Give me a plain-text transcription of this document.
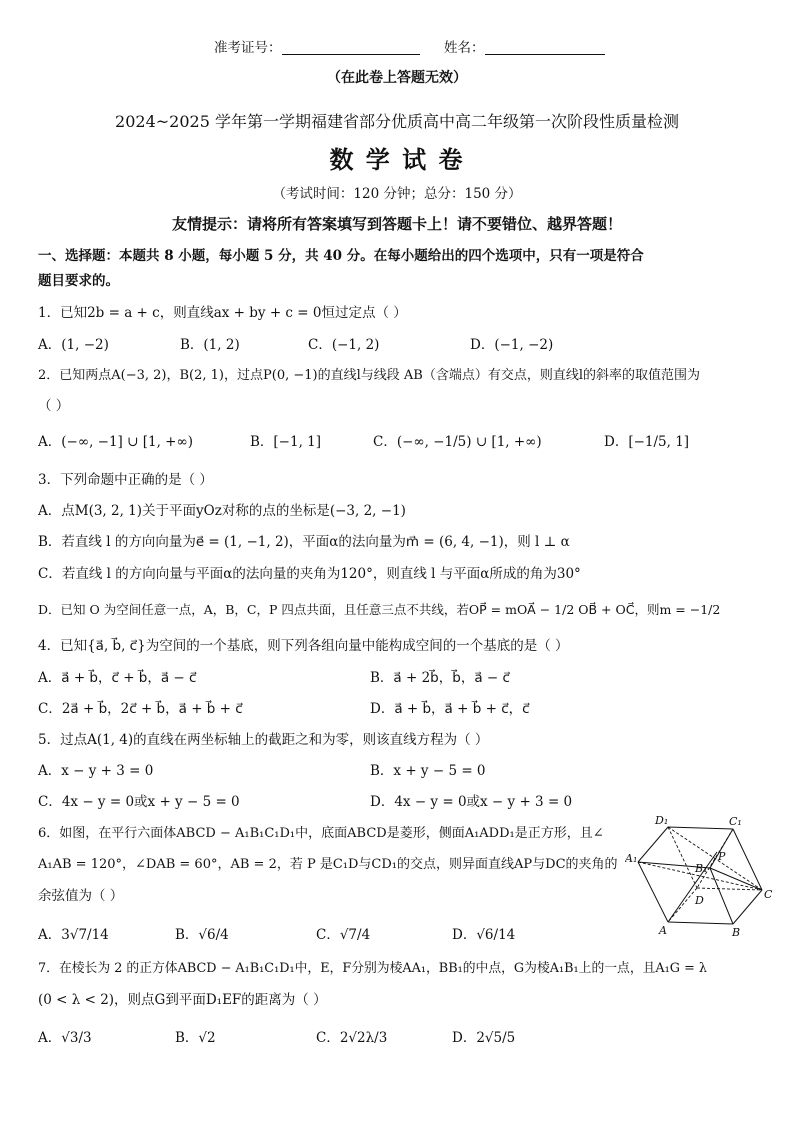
准考证号：	姓名：
（在此卷上答题无效）
2024~2025 学年第一学期福建省部分优质高中高二年级第一次阶段性质量检测
数 学 试 卷
（考试时间：120 分钟；总分：150 分）
友情提示：请将所有答案填写到答题卡上！请不要错位、越界答题！
一、选择题：本题共 8 小题，每小题 5 分，共 40 分。在每小题给出的四个选项中，只有一项是符合
题目要求的。
1．已知2b = a + c，则直线ax + by + c = 0恒过定点（ ）
A．(1, −2)	B．(1, 2)	C．(−1, 2)	D．(−1, −2)
2．已知两点A(−3, 2)，B(2, 1)，过点P(0, −1)的直线l与线段 AB（含端点）有交点，则直线l的斜率的取值范围为
（ ）
A．(−∞, −1] ∪ [1, +∞)	B．[−1, 1]	C．(−∞, −1/5) ∪ [1, +∞)	D．[−1/5, 1]
3．下列命题中正确的是（ ）
A．点M(3, 2, 1)关于平面yOz对称的点的坐标是(−3, 2, −1)
B．若直线 l 的方向向量为e⃗ = (1, −1, 2)，平面α的法向量为m⃗ = (6, 4, −1)，则 l ⊥ α
C．若直线 l 的方向向量与平面α的法向量的夹角为120°，则直线 l 与平面α所成的角为30°
D．已知 O 为空间任意一点，A，B，C，P 四点共面，且任意三点不共线，若OP⃗ = mOA⃗ − 1/2 OB⃗ + OC⃗，则m = −1/2
4．已知{a⃗, b⃗, c⃗}为空间的一个基底，则下列各组向量中能构成空间的一个基底的是（ ）
A．a⃗ + b⃗，c⃗ + b⃗，a⃗ − c⃗	B．a⃗ + 2b⃗，b⃗，a⃗ − c⃗
C．2a⃗ + b⃗，2c⃗ + b⃗，a⃗ + b⃗ + c⃗	D．a⃗ + b⃗，a⃗ + b⃗ + c⃗，c⃗
5．过点A(1, 4)的直线在两坐标轴上的截距之和为零，则该直线方程为（ ）
A．x − y + 3 = 0	B．x + y − 5 = 0
C．4x − y = 0或x + y − 5 = 0	D．4x − y = 0或x − y + 3 = 0
6．如图，在平行六面体ABCD − A₁B₁C₁D₁中，底面ABCD是菱形，侧面A₁ADD₁是正方形，且∠
A₁AB = 120°，∠DAB = 60°，AB = 2，若 P 是C₁D与CD₁的交点，则异面直线AP与DC的夹角的
余弦值为（ ）
A．3√7/14	B．√6/4	C．√7/4	D．√6/14
D₁	C₁
A₁
B₁
P
D	C
A	B
7．在棱长为 2 的正方体ABCD − A₁B₁C₁D₁中，E，F分别为棱AA₁，BB₁的中点，G为棱A₁B₁上的一点，且A₁G = λ
(0 < λ < 2)，则点G到平面D₁EF的距离为（ ）
A．√3/3	B．√2	C．2√2λ/3	D．2√5/5
